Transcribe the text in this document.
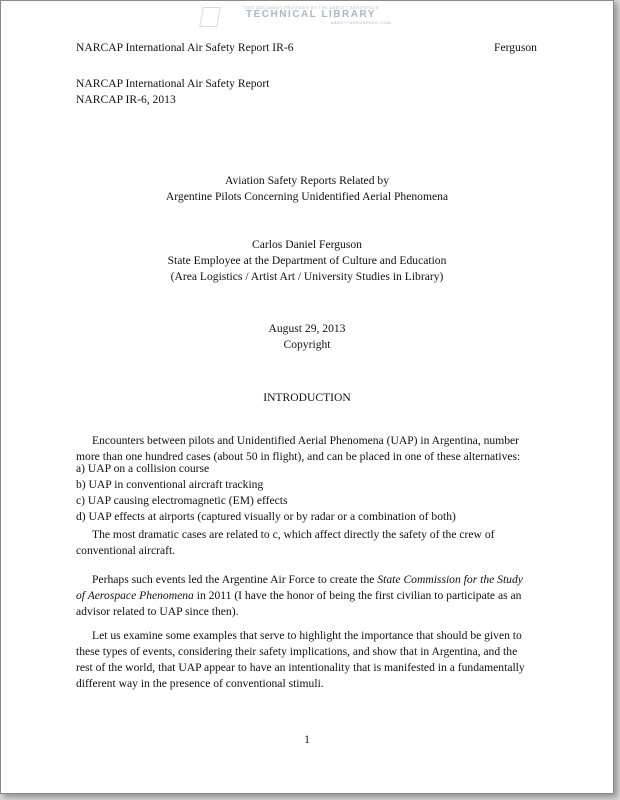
THIS DOCUMENT PROVIDED BY THE ABBOTT AEROSPACE
TECHNICAL LIBRARY
ABBOTTAEROSPACE.COM
NARCAP International Air Safety Report IR-6	Ferguson

NARCAP International Air Safety Report

NARCAP IR-6, 2013

Aviation Safety Reports Related by

Argentine Pilots Concerning Unidentified Aerial Phenomena

Carlos Daniel Ferguson

State Employee at the Department of Culture and Education

(Area Logistics / Artist Art / University Studies in Library)

August 29, 2013

Copyright

INTRODUCTION

Encounters between pilots and Unidentified Aerial Phenomena (UAP) in Argentina, number

more than one hundred cases (about 50 in flight), and can be placed in one of these alternatives:

a) UAP on a collision course

b) UAP in conventional aircraft tracking

c) UAP causing electromagnetic (EM) effects

d) UAP effects at airports (captured visually or by radar or a combination of both)

The most dramatic cases are related to c, which affect directly the safety of the crew of

conventional aircraft.

Perhaps such events led the Argentine Air Force to create the State Commission for the Study

of Aerospace Phenomena in 2011 (I have the honor of being the first civilian to participate as an

advisor related to UAP since then).

Let us examine some examples that serve to highlight the importance that should be given to

these types of events, considering their safety implications, and show that in Argentina, and the

rest of the world, that UAP appear to have an intentionality that is manifested in a fundamentally

different way in the presence of conventional stimuli.

1
